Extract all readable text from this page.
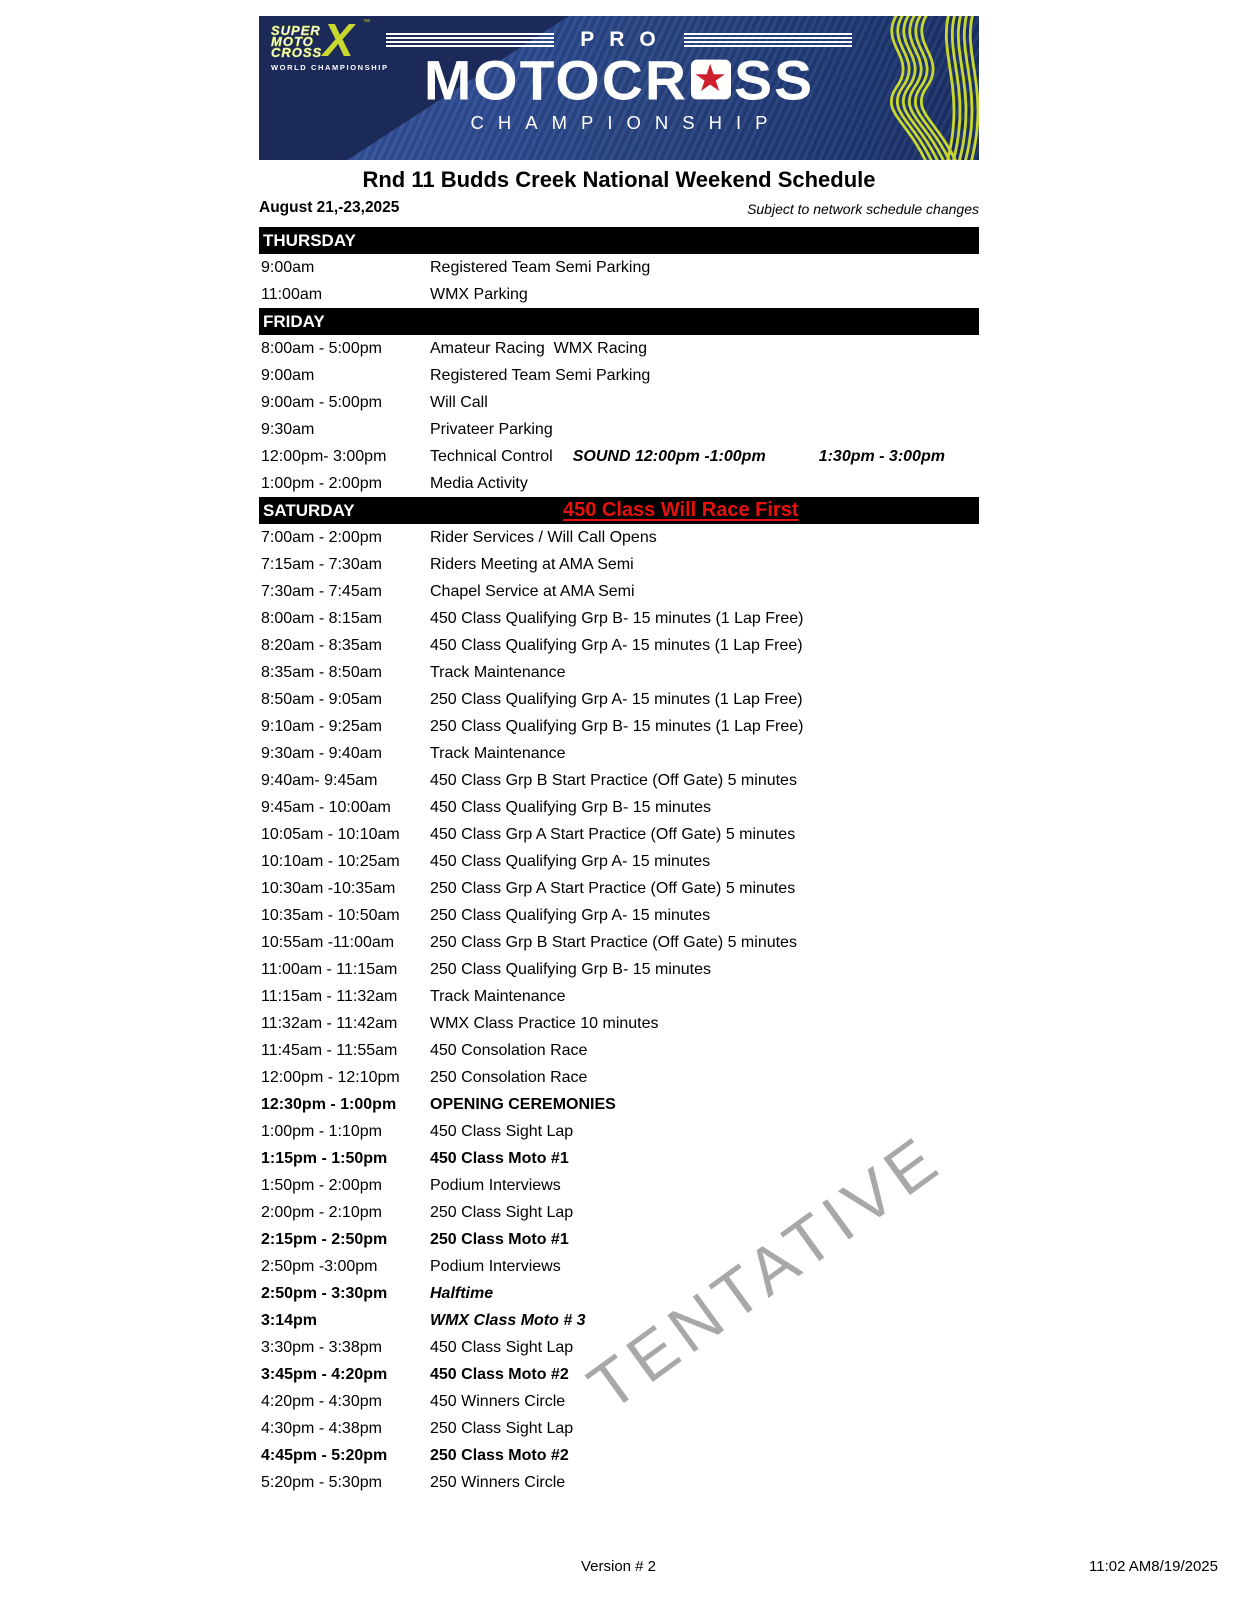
X ™
SUPER
MOTO
CROSS
WORLD CHAMPIONSHIP
PRO
MOTOCR ★ SS
CHAMPIONSHIP
Rnd 11 Budds Creek National Weekend Schedule
August 21,-23,2025	Subject to network schedule changes
THURSDAY
9:00am	Registered Team Semi Parking
11:00am	WMX Parking
FRIDAY
8:00am - 5:00pm	Amateur Racing  WMX Racing
9:00am	Registered Team Semi Parking
9:00am - 5:00pm	Will Call
9:30am	Privateer Parking
12:00pm- 3:00pm	Technical Control SOUND 12:00pm -1:00pm	1:30pm - 3:00pm
1:00pm - 2:00pm	Media Activity
SATURDAY	450 Class Will Race First
7:00am - 2:00pm	Rider Services / Will Call Opens
7:15am - 7:30am	Riders Meeting at AMA Semi
7:30am - 7:45am	Chapel Service at AMA Semi
8:00am - 8:15am	450 Class Qualifying Grp B- 15 minutes (1 Lap Free)
8:20am - 8:35am	450 Class Qualifying Grp A- 15 minutes (1 Lap Free)
8:35am - 8:50am	Track Maintenance
8:50am - 9:05am	250 Class Qualifying Grp A- 15 minutes (1 Lap Free)
9:10am - 9:25am	250 Class Qualifying Grp B- 15 minutes (1 Lap Free)
9:30am - 9:40am	Track Maintenance
9:40am- 9:45am	450 Class Grp B Start Practice (Off Gate) 5 minutes
9:45am - 10:00am 450 Class Qualifying Grp B- 15 minutes
10:05am - 10:10am 450 Class Grp A Start Practice (Off Gate) 5 minutes
10:10am - 10:25am 450 Class Qualifying Grp A- 15 minutes
10:30am -10:35am 250 Class Grp A Start Practice (Off Gate) 5 minutes
10:35am - 10:50am 250 Class Qualifying Grp A- 15 minutes
10:55am -11:00am 250 Class Grp B Start Practice (Off Gate) 5 minutes
11:00am - 11:15am 250 Class Qualifying Grp B- 15 minutes
11:15am - 11:32am Track Maintenance
11:32am - 11:42am WMX Class Practice 10 minutes
11:45am - 11:55am 450 Consolation Race
12:00pm - 12:10pm 250 Consolation Race
12:30pm - 1:00pm OPENING CEREMONIES
1:00pm - 1:10pm	450 Class Sight Lap
1:15pm - 1:50pm	450 Class Moto #1
1:50pm - 2:00pm	Podium Interviews
2:00pm - 2:10pm	250 Class Sight Lap
2:15pm - 2:50pm	250 Class Moto #1
2:50pm -3:00pm	Podium Interviews
2:50pm - 3:30pm	Halftime
3:14pm	WMX Class Moto # 3
3:30pm - 3:38pm	450 Class Sight Lap
3:45pm - 4:20pm	450 Class Moto #2
4:20pm - 4:30pm	450 Winners Circle
4:30pm - 4:38pm	250 Class Sight Lap
4:45pm - 5:20pm	250 Class Moto #2
5:20pm - 5:30pm	250 Winners Circle
TENTATIVE
Version # 2	11:02 AM8/19/2025
